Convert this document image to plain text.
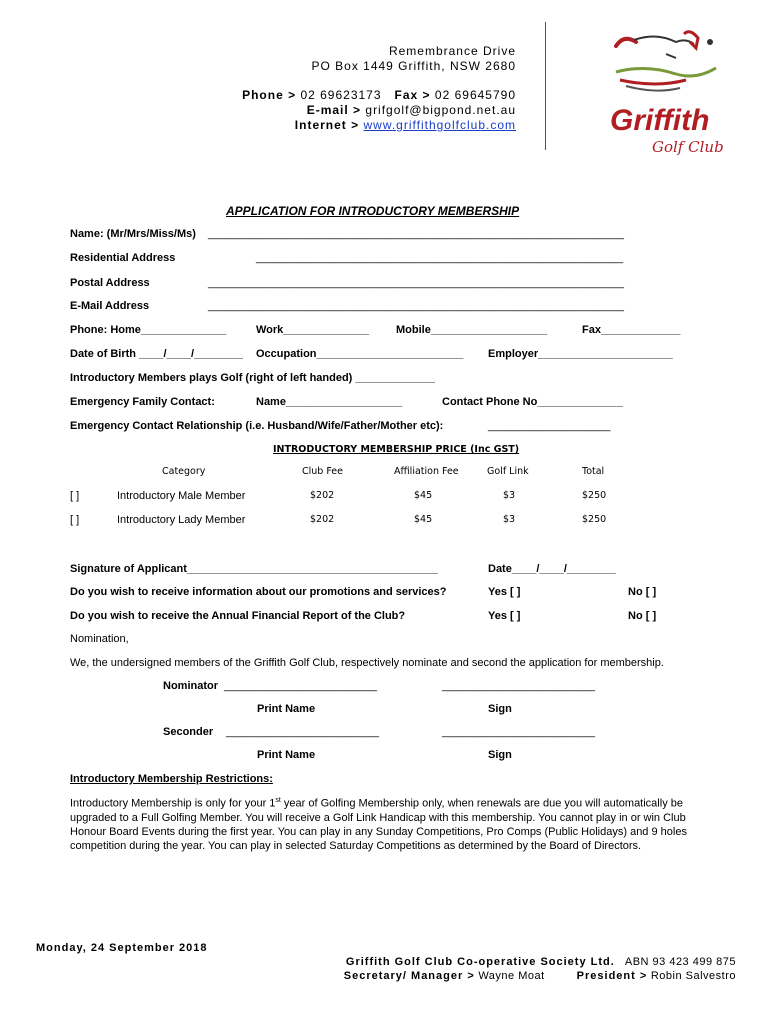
Remembrance Drive
PO Box 1449 Griffith, NSW 2680
Phone > 02 69623173 Fax > 02 69645790
E-mail > grifgolf@bigpond.net.au
Internet > www.griffithgolfclub.com	Griffith
Golf Club
APPLICATION FOR INTRODUCTORY MEMBERSHIP
Name: (Mr/Mrs/Miss/Ms) ____________________________________________________________________
Residential Address	____________________________________________________________
Postal Address	____________________________________________________________________
E-Mail Address	____________________________________________________________________
Phone: Home______________	Work______________ Mobile___________________	Fax_____________
Date of Birth ____/____/________ Occupation________________________ Employer______________________
Introductory Members plays Golf (right of left handed) _____________
Emergency Family Contact:	Name___________________	Contact Phone No______________
Emergency Contact Relationship (i.e. Husband/Wife/Father/Mother etc):	____________________
INTRODUCTORY MEMBERSHIP PRICE (Inc GST)
Category	Club Fee	Affiliation Fee	Golf Link	Total
[ ]	Introductory Male Member	$202	$45	$3	$250
[ ]	Introductory Lady Member	$202	$45	$3	$250
Signature of Applicant_________________________________________	Date____/____/________
Do you wish to receive information about our promotions and services?	Yes [ ]	No [ ]
Do you wish to receive the Annual Financial Report of the Club?	Yes [ ]	No [ ]
Nomination,
We, the undersigned members of the Griffith Golf Club, respectively nominate and second the application for membership.
Nominator _________________________	_________________________
Print Name	Sign
Seconder _________________________	_________________________
Print Name	Sign
Introductory Membership Restrictions:
Introductory Membership is only for your 1st year of Golfing Membership only, when renewals are due you will automatically be upgraded to a Full Golfing Member. You will receive a Golf Link Handicap with this membership. You cannot play in or win Club Honour Board Events during the first year. You can play in any Sunday Competitions, Pro Comps (Public Holidays) and 9 holes competition during the year. You can play in selected Saturday Competitions as determined by the Board of Directors.
Monday, 24 September 2018
Griffith Golf Club Co-operative Society Ltd. ABN 93 423 499 875
Secretary/ Manager > Wayne Moat	President > Robin Salvestro
